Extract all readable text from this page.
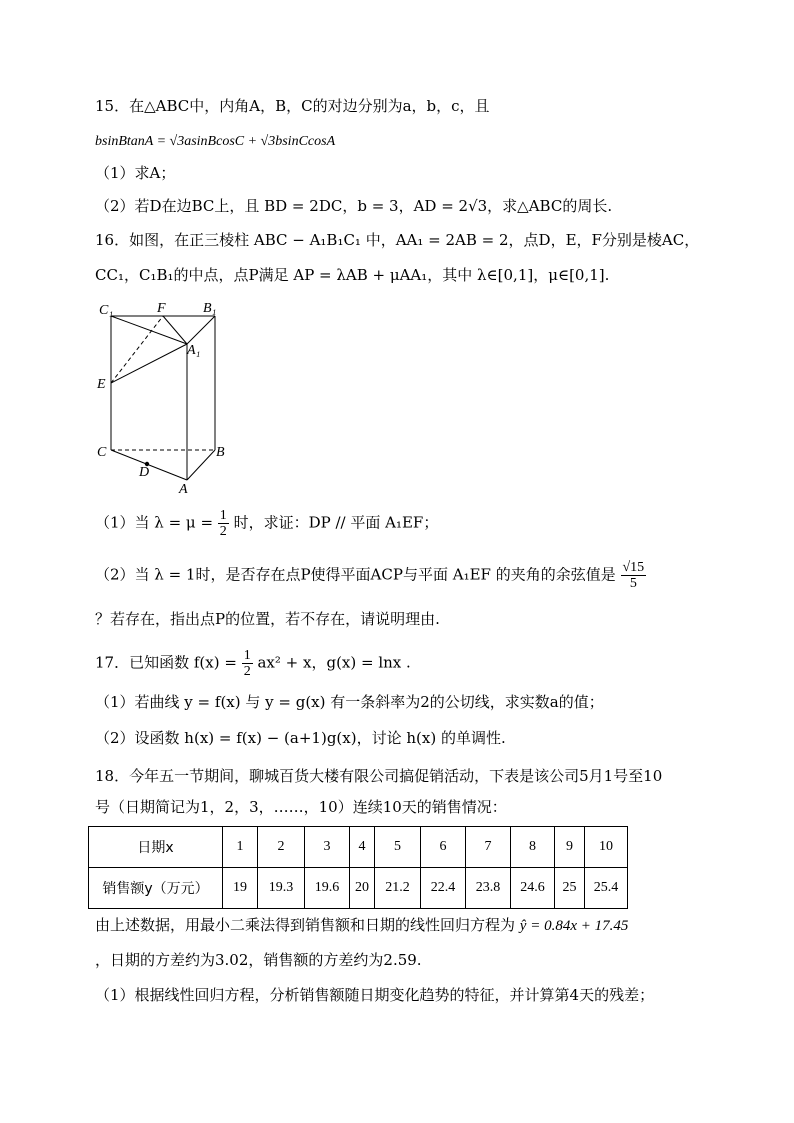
15．在△ABC中，内角A，B，C的对边分别为a，b，c，且
bsinBtanA = √3asinBcosC + √3bsinCcosA
（1）求A；
（2）若D在边BC上，且 BD = 2DC，b = 3，AD = 2√3，求△ABC的周长.
16．如图，在正三棱柱 ABC − A₁B₁C₁ 中，AA₁ = 2AB = 2，点D，E，F分别是棱AC，
CC₁，C₁B₁的中点，点P满足 AP = λAB + μAA₁，其中 λ∈[0,1]，μ∈[0,1].
C₁	F	B₁
A₁
E
C	B
D
A
（1）当 $\lambda = \mu = \frac{1}{2}$ 时，求证：DP // 平面 A₁EF；
（2）当 λ = 1时，是否存在点P使得平面ACP与平面 A₁EF 的夹角的余弦值是 $\frac{√15}{5}$
？若存在，指出点P的位置，若不存在，请说明理由.
17．已知函数 $f(x) = \frac{1}{2} ax^2 + x$，g(x) = lnx .
（1）若曲线 y = f(x) 与 y = g(x) 有一条斜率为2的公切线，求实数a的值；
（2）设函数 h(x) = f(x) − (a+1)g(x)，讨论 h(x) 的单调性.
18．今年五一节期间，聊城百货大楼有限公司搞促销活动，下表是该公司5月1号至10
号（日期简记为1，2，3，……，10）连续10天的销售情况：
日期x	1	2	3	4	5	6	7	8	9	10
销售额y（万元）	19	19.3	19.6	20	21.2	22.4	23.8	24.6	25	25.4
由上述数据，用最小二乘法得到销售额和日期的线性回归方程为 ŷ = 0.84x + 17.45
，日期的方差约为3.02，销售额的方差约为2.59.
（1）根据线性回归方程，分析销售额随日期变化趋势的特征，并计算第4天的残差；
